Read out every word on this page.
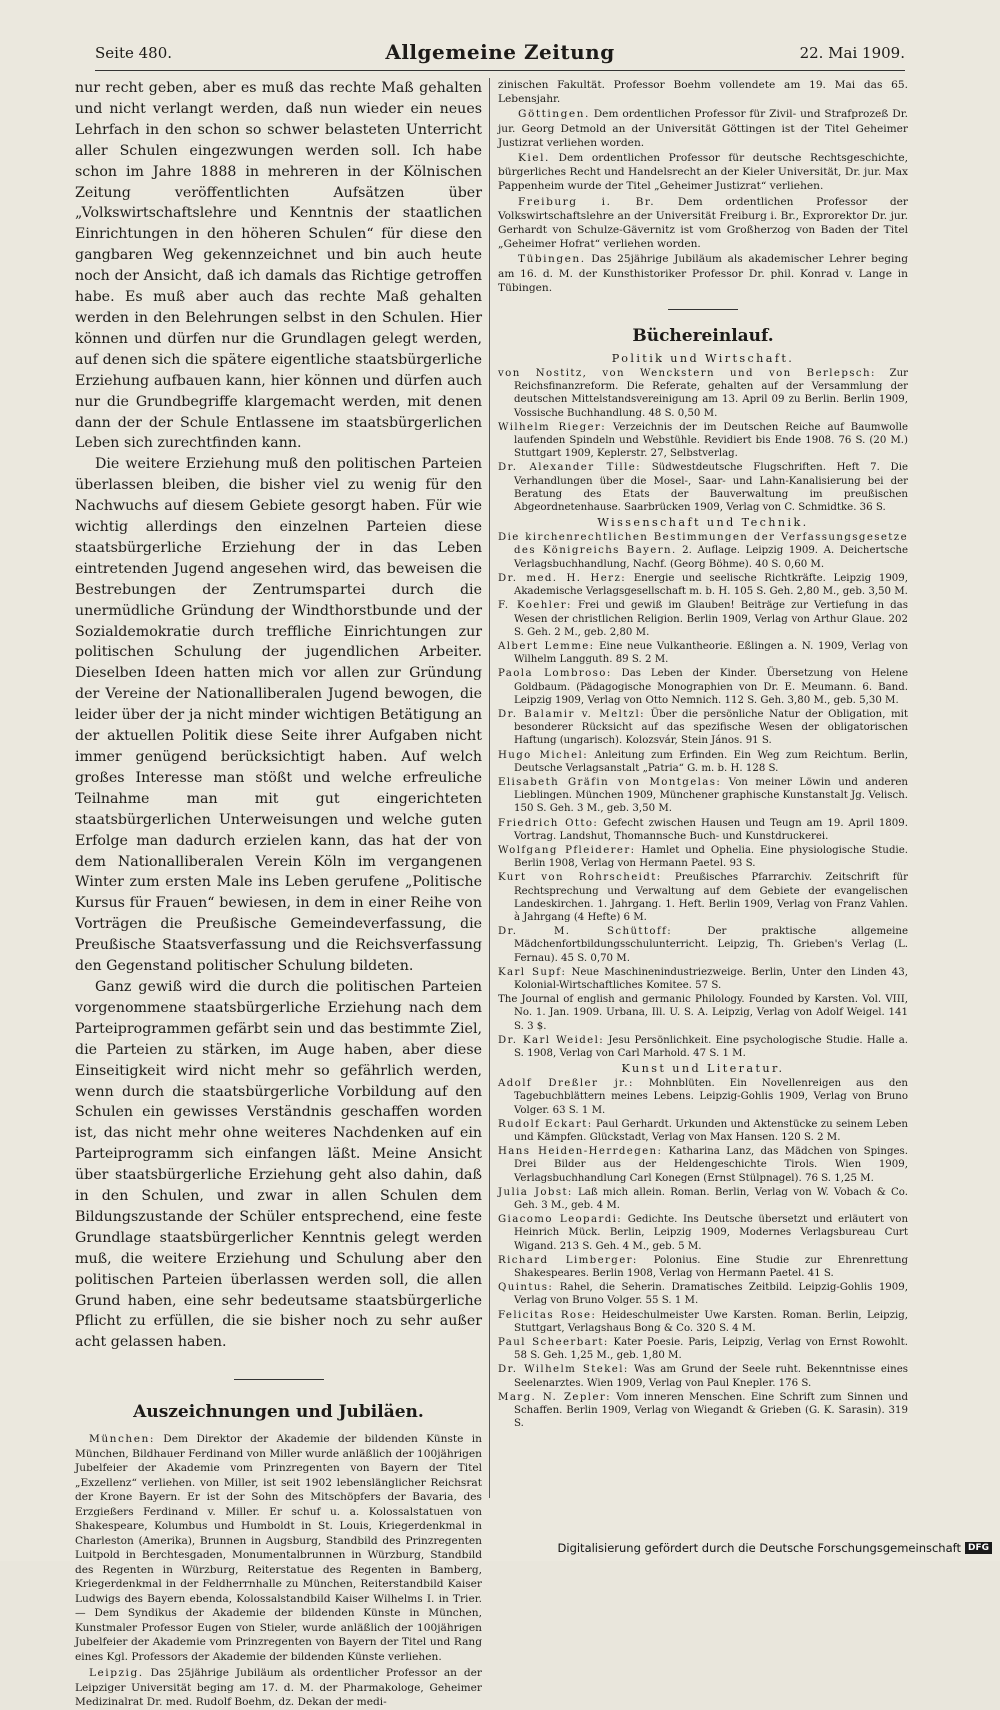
Seite 480.	Allgemeine Zeitung	22. Mai 1909.

nur recht geben, aber es muß das rechte Maß gehalten und nicht verlangt werden, daß nun wieder ein neues Lehrfach in den schon so schwer belasteten Unterricht aller Schulen eingezwungen werden soll. Ich habe schon im Jahre 1888 in mehreren in der Kölnischen Zeitung veröffentlichten Aufsätzen über „Volkswirtschaftslehre und Kenntnis der staatlichen Einrichtungen in den höheren Schulen“ für diese den gangbaren Weg gekennzeichnet und bin auch heute noch der Ansicht, daß ich damals das Richtige getroffen habe. Es muß aber auch das rechte Maß gehalten werden in den Belehrungen selbst in den Schulen. Hier können und dürfen nur die Grundlagen gelegt werden, auf denen sich die spätere eigentliche staatsbürgerliche Erziehung aufbauen kann, hier können und dürfen auch nur die Grundbegriffe klargemacht werden, mit denen dann der der Schule Entlassene im staatsbürgerlichen Leben sich zurechtfinden kann.

Die weitere Erziehung muß den politischen Parteien überlassen bleiben, die bisher viel zu wenig für den Nachwuchs auf diesem Gebiete gesorgt haben. Für wie wichtig allerdings den einzelnen Parteien diese staatsbürgerliche Erziehung der in das Leben eintretenden Jugend angesehen wird, das beweisen die Bestrebungen der Zentrumspartei durch die unermüdliche Gründung der Windthorstbunde und der Sozialdemokratie durch treffliche Einrichtungen zur politischen Schulung der jugendlichen Arbeiter. Dieselben Ideen hatten mich vor allen zur Gründung der Vereine der Nationalliberalen Jugend bewogen, die leider über der ja nicht minder wichtigen Betätigung an der aktuellen Politik diese Seite ihrer Aufgaben nicht immer genügend berücksichtigt haben. Auf welch großes Interesse man stößt und welche erfreuliche Teilnahme man mit gut eingerichteten staatsbürgerlichen Unterweisungen und welche guten Erfolge man dadurch erzielen kann, das hat der von dem Nationalliberalen Verein Köln im vergangenen Winter zum ersten Male ins Leben gerufene „Politische Kursus für Frauen“ bewiesen, in dem in einer Reihe von Vorträgen die Preußische Gemeindeverfassung, die Preußische Staatsverfassung und die Reichsverfassung den Gegenstand politischer Schulung bildeten.

Ganz gewiß wird die durch die politischen Parteien vorgenommene staatsbürgerliche Erziehung nach dem Parteiprogrammen gefärbt sein und das bestimmte Ziel, die Parteien zu stärken, im Auge haben, aber diese Einseitigkeit wird nicht mehr so gefährlich werden, wenn durch die staatsbürgerliche Vorbildung auf den Schulen ein gewisses Verständnis geschaffen worden ist, das nicht mehr ohne weiteres Nachdenken auf ein Parteiprogramm sich einfangen läßt. Meine Ansicht über staatsbürgerliche Erziehung geht also dahin, daß in den Schulen, und zwar in allen Schulen dem Bildungszustande der Schüler entsprechend, eine feste Grundlage staatsbürgerlicher Kenntnis gelegt werden muß, die weitere Erziehung und Schulung aber den politischen Parteien überlassen werden soll, die allen Grund haben, eine sehr bedeutsame staatsbürgerliche Pflicht zu erfüllen, die sie bisher noch zu sehr außer acht gelassen haben.

Auszeichnungen und Jubiläen.

München: Dem Direktor der Akademie der bildenden Künste in München, Bildhauer Ferdinand von Miller wurde anläßlich der 100jährigen Jubelfeier der Akademie vom Prinzregenten von Bayern der Titel „Exzellenz“ verliehen. von Miller, ist seit 1902 lebenslänglicher Reichsrat der Krone Bayern. Er ist der Sohn des Mitschöpfers der Bavaria, des Erzgießers Ferdinand v. Miller. Er schuf u. a. Kolossalstatuen von Shakespeare, Kolumbus und Humboldt in St. Louis, Kriegerdenkmal in Charleston (Amerika), Brunnen in Augsburg, Standbild des Prinzregenten Luitpold in Berchtesgaden, Monumentalbrunnen in Würzburg, Standbild des Regenten in Würzburg, Reiterstatue des Regenten in Bamberg, Kriegerdenkmal in der Feldherrnhalle zu München, Reiterstandbild Kaiser Ludwigs des Bayern ebenda, Kolossalstandbild Kaiser Wilhelms I. in Trier. — Dem Syndikus der Akademie der bildenden Künste in München, Kunstmaler Professor Eugen von Stieler, wurde anläßlich der 100jährigen Jubelfeier der Akademie vom Prinzregenten von Bayern der Titel und Rang eines Kgl. Professors der Akademie der bildenden Künste verliehen.

Leipzig. Das 25jährige Jubiläum als ordentlicher Professor an der Leipziger Universität beging am 17. d. M. der Pharmakologe, Geheimer Medizinalrat Dr. med. Rudolf Boehm, dz. Dekan der medi-

zinischen Fakultät. Professor Boehm vollendete am 19. Mai das 65. Lebensjahr.

Göttingen. Dem ordentlichen Professor für Zivil- und Strafprozeß Dr. jur. Georg Detmold an der Universität Göttingen ist der Titel Geheimer Justizrat verliehen worden.

Kiel. Dem ordentlichen Professor für deutsche Rechtsgeschichte, bürgerliches Recht und Handelsrecht an der Kieler Universität, Dr. jur. Max Pappenheim wurde der Titel „Geheimer Justizrat“ verliehen.

Freiburg i. Br. Dem ordentlichen Professor der Volkswirtschaftslehre an der Universität Freiburg i. Br., Exprorektor Dr. jur. Gerhardt von Schulze-Gävernitz ist vom Großherzog von Baden der Titel „Geheimer Hofrat“ verliehen worden.

Tübingen. Das 25jährige Jubiläum als akademischer Lehrer beging am 16. d. M. der Kunsthistoriker Professor Dr. phil. Konrad v. Lange in Tübingen.

Büchereinlauf.
Politik und Wirtschaft.

von Nostitz, von Wenckstern und von Berlepsch: Zur Reichsfinanzreform. Die Referate, gehalten auf der Versammlung der deutschen Mittelstandsvereinigung am 13. April 09 zu Berlin. Berlin 1909, Vossische Buchhandlung. 48 S. 0,50 M.

Wilhelm Rieger: Verzeichnis der im Deutschen Reiche auf Baumwolle laufenden Spindeln und Webstühle. Revidiert bis Ende 1908. 76 S. (20 M.) Stuttgart 1909, Keplerstr. 27, Selbstverlag.

Dr. Alexander Tille: Südwestdeutsche Flugschriften. Heft 7. Die Verhandlungen über die Mosel-, Saar- und Lahn-Kanalisierung bei der Beratung des Etats der Bauverwaltung im preußischen Abgeordnetenhause. Saarbrücken 1909, Verlag von C. Schmidtke. 36 S.

Wissenschaft und Technik.

Die kirchenrechtlichen Bestimmungen der Verfassungsgesetze des Königreichs Bayern. 2. Auflage. Leipzig 1909. A. Deichertsche Verlagsbuchhandlung, Nachf. (Georg Böhme). 40 S. 0,60 M.

Dr. med. H. Herz: Energie und seelische Richtkräfte. Leipzig 1909, Akademische Verlagsgesellschaft m. b. H. 105 S. Geh. 2,80 M., geb. 3,50 M.

F. Koehler: Frei und gewiß im Glauben! Beiträge zur Vertiefung in das Wesen der christlichen Religion. Berlin 1909, Verlag von Arthur Glaue. 202 S. Geh. 2 M., geb. 2,80 M.

Albert Lemme: Eine neue Vulkantheorie. Eßlingen a. N. 1909, Verlag von Wilhelm Langguth. 89 S. 2 M.

Paola Lombroso: Das Leben der Kinder. Übersetzung von Helene Goldbaum. (Pädagogische Monographien von Dr. E. Meumann. 6. Band. Leipzig 1909, Verlag von Otto Nemnich. 112 S. Geh. 3,80 M., geb. 5,30 M.

Dr. Balamir v. Meltzl: Über die persönliche Natur der Obligation, mit besonderer Rücksicht auf das spezifische Wesen der obligatorischen Haftung (ungarisch). Kolozsvár, Stein János. 91 S.

Hugo Michel: Anleitung zum Erfinden. Ein Weg zum Reichtum. Berlin, Deutsche Verlagsanstalt „Patria“ G. m. b. H. 128 S.

Elisabeth Gräfin von Montgelas: Von meiner Löwin und anderen Lieblingen. München 1909, Münchener graphische Kunstanstalt Jg. Velisch. 150 S. Geh. 3 M., geb. 3,50 M.

Friedrich Otto: Gefecht zwischen Hausen und Teugn am 19. April 1809. Vortrag. Landshut, Thomannsche Buch- und Kunstdruckerei.

Wolfgang Pfleiderer: Hamlet und Ophelia. Eine physiologische Studie. Berlin 1908, Verlag von Hermann Paetel. 93 S.

Kurt von Rohrscheidt: Preußisches Pfarrarchiv. Zeitschrift für Rechtsprechung und Verwaltung auf dem Gebiete der evangelischen Landeskirchen. 1. Jahrgang. 1. Heft. Berlin 1909, Verlag von Franz Vahlen. à Jahrgang (4 Hefte) 6 M.

Dr. M. Schüttoff: Der praktische allgemeine Mädchenfortbildungsschulunterricht. Leipzig, Th. Grieben's Verlag (L. Fernau). 45 S. 0,70 M.

Karl Supf: Neue Maschinenindustriezweige. Berlin, Unter den Linden 43, Kolonial-Wirtschaftliches Komitee. 57 S.

The Journal of english and germanic Philology. Founded by Karsten. Vol. VIII, No. 1. Jan. 1909. Urbana, Ill. U. S. A. Leipzig, Verlag von Adolf Weigel. 141 S. 3 $.

Dr. Karl Weidel: Jesu Persönlichkeit. Eine psychologische Studie. Halle a. S. 1908, Verlag von Carl Marhold. 47 S. 1 M.

Kunst und Literatur.

Adolf Dreßler jr.: Mohnblüten. Ein Novellenreigen aus den Tagebuchblättern meines Lebens. Leipzig-Gohlis 1909, Verlag von Bruno Volger. 63 S. 1 M.

Rudolf Eckart: Paul Gerhardt. Urkunden und Aktenstücke zu seinem Leben und Kämpfen. Glückstadt, Verlag von Max Hansen. 120 S. 2 M.

Hans Heiden-Herrdegen: Katharina Lanz, das Mädchen von Spinges. Drei Bilder aus der Heldengeschichte Tirols. Wien 1909, Verlagsbuchhandlung Carl Konegen (Ernst Stülpnagel). 76 S. 1,25 M.

Julia Jobst: Laß mich allein. Roman. Berlin, Verlag von W. Vobach & Co. Geh. 3 M., geb. 4 M.

Giacomo Leopardi: Gedichte. Ins Deutsche übersetzt und erläutert von Heinrich Mück. Berlin, Leipzig 1909, Modernes Verlagsbureau Curt Wigand. 213 S. Geh. 4 M., geb. 5 M.

Richard Limberger: Polonius. Eine Studie zur Ehrenrettung Shakespeares. Berlin 1908, Verlag von Hermann Paetel. 41 S.

Quintus: Rahel, die Seherin. Dramatisches Zeitbild. Leipzig-Gohlis 1909, Verlag von Bruno Volger. 55 S. 1 M.

Felicitas Rose: Heideschulmeister Uwe Karsten. Roman. Berlin, Leipzig, Stuttgart, Verlagshaus Bong & Co. 320 S. 4 M.

Paul Scheerbart: Kater Poesie. Paris, Leipzig, Verlag von Ernst Rowohlt. 58 S. Geh. 1,25 M., geb. 1,80 M.

Dr. Wilhelm Stekel: Was am Grund der Seele ruht. Bekenntnisse eines Seelenarztes. Wien 1909, Verlag von Paul Knepler. 176 S.

Marg. N. Zepler: Vom inneren Menschen. Eine Schrift zum Sinnen und Schaffen. Berlin 1909, Verlag von Wiegandt & Grieben (G. K. Sarasin). 319 S.

Digitalisierung gefördert durch die Deutsche Forschungsgemeinschaft DFG
